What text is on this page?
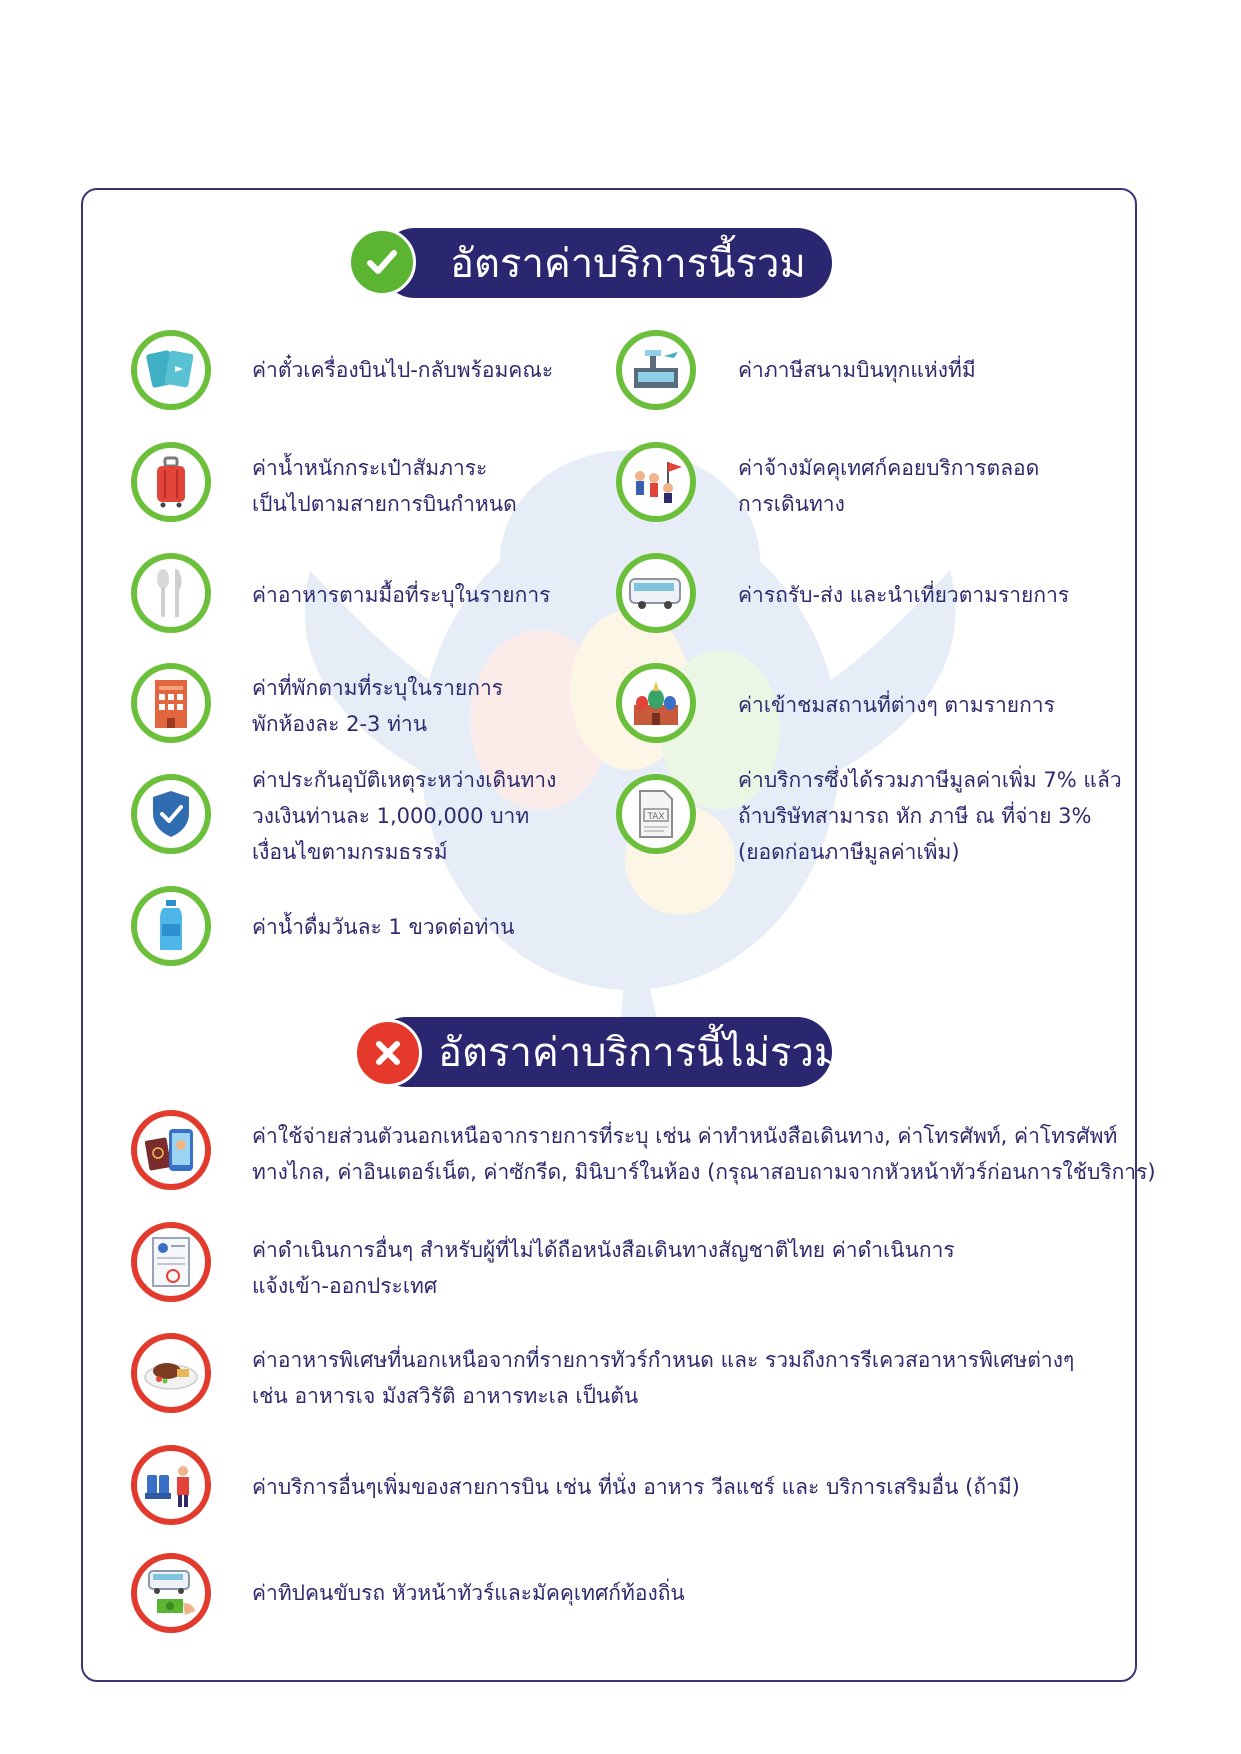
อัตราค่าบริการนี้รวม
ค่าตั๋วเครื่องบินไป-กลับพร้อมคณะ	ค่าภาษีสนามบินทุกแห่งที่มี
ค่าน้ำหนักกระเป๋าสัมภาระ
เป็นไปตามสายการบินกำหนด
ค่าจ้างมัคคุเทศก์คอยบริการตลอด
การเดินทาง
ค่าอาหารตามมื้อที่ระบุในรายการ	ค่ารถรับ-ส่ง และนำเที่ยวตามรายการ
ค่าที่พักตามที่ระบุในรายการ
พักห้องละ 2-3 ท่าน
ค่าเข้าชมสถานที่ต่างๆ ตามรายการ
ค่าประกันอุบัติเหตุระหว่างเดินทาง
วงเงินท่านละ 1,000,000 บาท
เงื่อนไขตามกรมธรรม์
TAX
ค่าบริการซึ่งได้รวมภาษีมูลค่าเพิ่ม 7% แล้ว
ถ้าบริษัทสามารถ หัก ภาษี ณ ที่จ่าย 3%
(ยอดก่อนภาษีมูลค่าเพิ่ม)
ค่าน้ำดื่มวันละ 1 ขวดต่อท่าน
อัตราค่าบริการนี้ไม่รวม
ค่าใช้จ่ายส่วนตัวนอกเหนือจากรายการที่ระบุ เช่น ค่าทำหนังสือเดินทาง, ค่าโทรศัพท์, ค่าโทรศัพท์
ทางไกล, ค่าอินเตอร์เน็ต, ค่าซักรีด, มินิบาร์ในห้อง (กรุณาสอบถามจากหัวหน้าทัวร์ก่อนการใช้บริการ)
ค่าดำเนินการอื่นๆ สำหรับผู้ที่ไม่ได้ถือหนังสือเดินทางสัญชาติไทย ค่าดำเนินการ
แจ้งเข้า-ออกประเทศ
ค่าอาหารพิเศษที่นอกเหนือจากที่รายการทัวร์กำหนด และ รวมถึงการรีเควสอาหารพิเศษต่างๆ
เช่น อาหารเจ มังสวิรัติ อาหารทะเล เป็นต้น
ค่าบริการอื่นๆเพิ่มของสายการบิน เช่น ที่นั่ง อาหาร วีลแชร์ และ บริการเสริมอื่น (ถ้ามี)
ค่าทิปคนขับรถ หัวหน้าทัวร์และมัคคุเทศก์ท้องถิ่น
